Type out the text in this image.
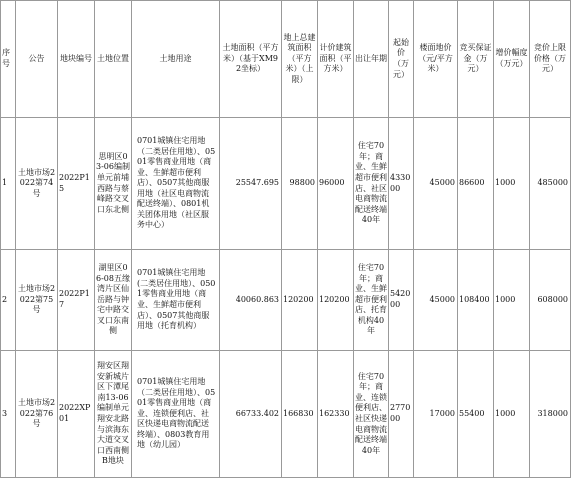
序号	公告	地块编号	土地位置	土地用途	土地面积（平方米）（基于XM92坐标）	地上总建筑面积（平方米）（上限）	计价建筑面积（平方米）	出让年期	起始价（万元）	楼面地价（元/平方米）	竞买保证金（万元）	增价幅度（万元）	竞价上限价格（万元）
1	土地市场2022第74号	2022P15	思明区03-06编制单元前埔西路与蔡峰路交叉口东北侧	0701城镇住宅用地（二类居住用地）、0501零售商业用地（商业、生鲜超市便利店）、0507其他商服用地（社区电商物流配送终端）、0801机关团体用地（社区服务中心）	25547.695	98800	96000	住宅70年；商业、生鲜超市便利店、社区电商物流配送终端40年	433000	45000	86600	1000	485000
2	土地市场2022第75号	2022P17	湖里区06-08五缘湾片区仙岳路与钟宅中路交叉口东南侧	0701城镇住宅用地(二类居住用地）、0501零售商业用地（商业、生鲜超市便利店）、0507其他商服用地（托育机构）	40060.863	120200	120200	住宅70年；商业、生鲜超市便利店、托育机构40年	542000	45000	108400	1000	608000
3	土地市场2022第76号	2022XP01	翔安区翔安新城片区下潭尾南13-06编制单元翔安北路与滨海东大道交叉口西南侧B地块	0701城镇住宅用地（二类居住用地）、0501零售商业用地（商业、连锁便利店、社区快递电商物流配送终端）、0803教育用地（幼儿园）	66733.402	166830	162330	住宅70年；商业、连锁便利店、社区快递电商物流配送终端40年	277000	17000	55400	1000	318000
